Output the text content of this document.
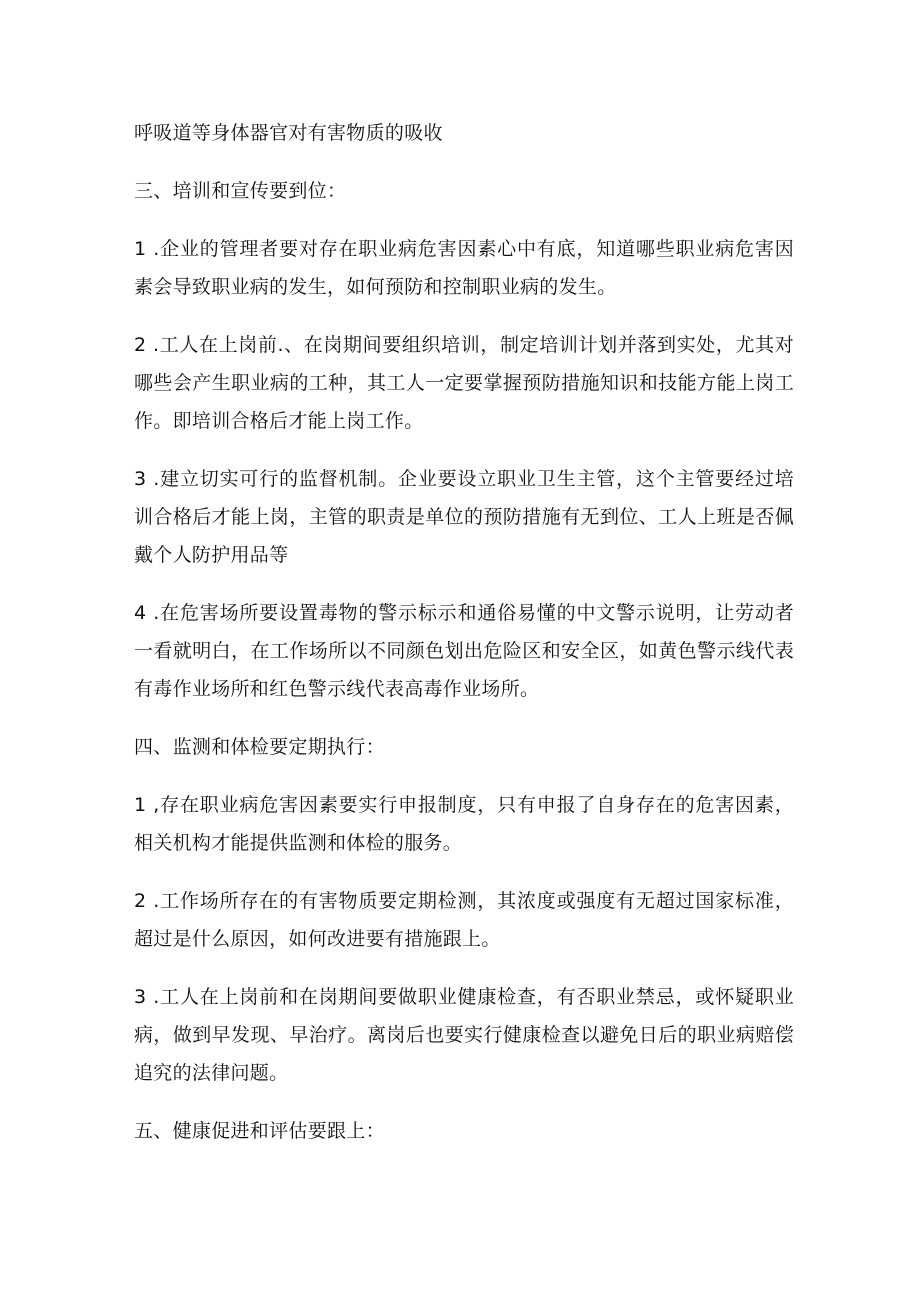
呼吸道等身体器官对有害物质的吸收

三、培训和宣传要到位：

1 .企业的管理者要对存在职业病危害因素心中有底，知道哪些职业病危害因素会导致职业病的发生，如何预防和控制职业病的发生。

2 .工人在上岗前.、在岗期间要组织培训，制定培训计划并落到实处，尤其对哪些会产生职业病的工种，其工人一定要掌握预防措施知识和技能方能上岗工作。即培训合格后才能上岗工作。

3 .建立切实可行的监督机制。企业要设立职业卫生主管，这个主管要经过培训合格后才能上岗，主管的职责是单位的预防措施有无到位、工人上班是否佩戴个人防护用品等

4 .在危害场所要设置毒物的警示标示和通俗易懂的中文警示说明，让劳动者一看就明白，在工作场所以不同颜色划出危险区和安全区，如黄色警示线代表有毒作业场所和红色警示线代表高毒作业场所。

四、监测和体检要定期执行：

1 ,存在职业病危害因素要实行申报制度，只有申报了自身存在的危害因素，相关机构才能提供监测和体检的服务。

2 .工作场所存在的有害物质要定期检测，其浓度或强度有无超过国家标准，超过是什么原因，如何改进要有措施跟上。

3 .工人在上岗前和在岗期间要做职业健康检查，有否职业禁忌，或怀疑职业病，做到早发现、早治疗。离岗后也要实行健康检查以避免日后的职业病赔偿追究的法律问题。

五、健康促进和评估要跟上：
